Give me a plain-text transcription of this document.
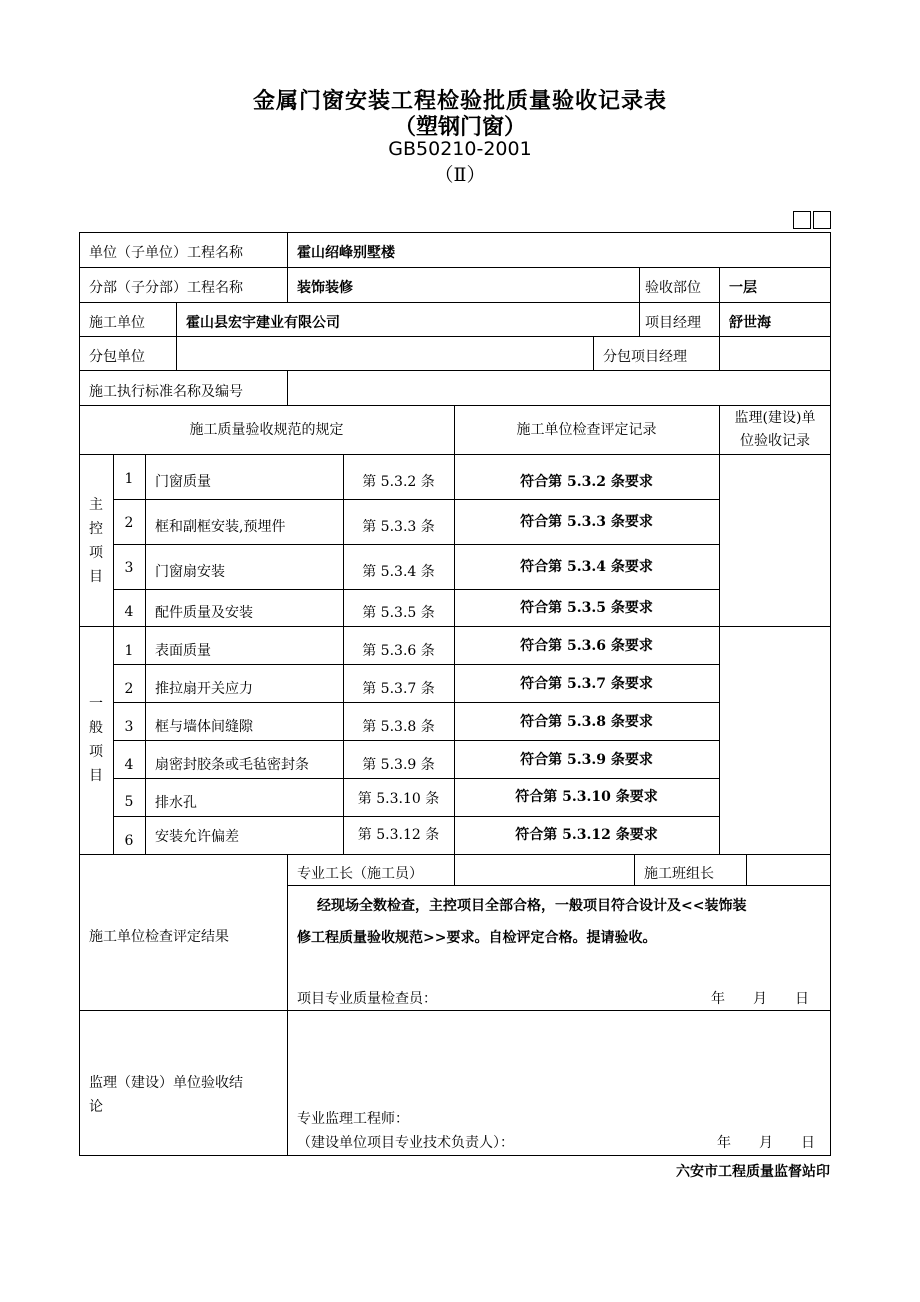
金属门窗安装工程检验批质量验收记录表
（塑钢门窗）
GB50210-2001
（Ⅱ）
单位（子单位）工程名称	霍山绍峰别墅楼
分部（子分部）工程名称	装饰装修	验收部位 一层
施工单位	霍山县宏宇建业有限公司	项目经理 舒世海
分包单位	分包项目经理
施工执行标准名称及编号
施工质量验收规范的规定	施工单位检查评定记录
监理(建设)单
位验收记录
主
控
项
目
1	门窗质量	第 5.3.2 条	符合第 5.3.2 条要求
2	框和副框安装,预埋件	第 5.3.3 条	符合第 5.3.3 条要求
3	门窗扇安装	第 5.3.4 条	符合第 5.3.4 条要求
4	配件质量及安装	第 5.3.5 条	符合第 5.3.5 条要求
一
般
项
目
1	表面质量	第 5.3.6 条	符合第 5.3.6 条要求
2	推拉扇开关应力	第 5.3.7 条	符合第 5.3.7 条要求
3	框与墙体间缝隙	第 5.3.8 条	符合第 5.3.8 条要求
4	扇密封胶条或毛毡密封条	第 5.3.9 条	符合第 5.3.9 条要求
5	排水孔	第 5.3.10 条	符合第 5.3.10 条要求
6	安装允许偏差	第 5.3.12 条	符合第 5.3.12 条要求
专业工长（施工员）	施工班组长
施工单位检查评定结果
经现场全数检查，主控项目全部合格，一般项目符合设计及<<装饰装
修工程质量验收规范>>要求。自检评定合格。提请验收。
项目专业质量检查员：	年　　月　　日
监理（建设）单位验收结
论
专业监理工程师：
（建设单位项目专业技术负责人）：	年　　月　　日
六安市工程质量监督站印
